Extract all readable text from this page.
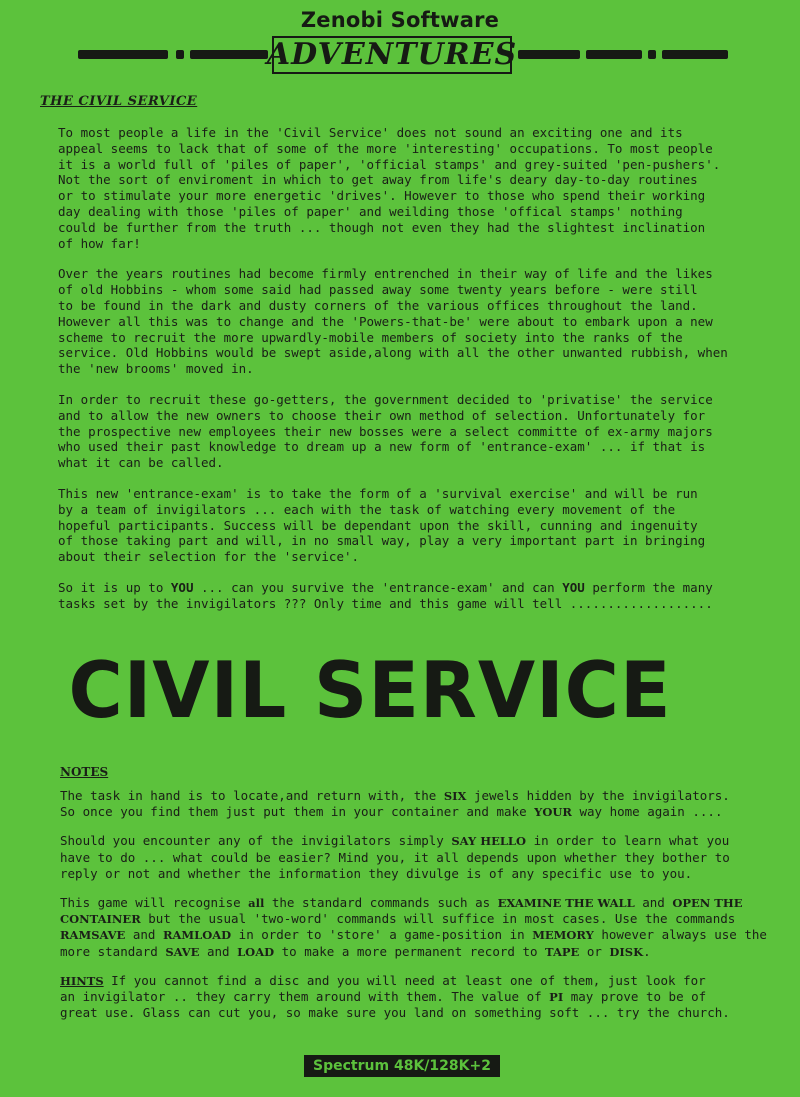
Zenobi Software
ADVENTURES
THE CIVIL SERVICE

To most people a life in the 'Civil Service' does not sound an exciting one and its
appeal seems to lack that of some of the more 'interesting' occupations. To most people
it is a world full of 'piles of paper', 'official stamps' and grey-suited 'pen-pushers'.
Not the sort of enviroment in which to get away from life's deary day-to-day routines
or to stimulate your more energetic 'drives'. However to those who spend their working
day dealing with those 'piles of paper' and weilding those 'offical stamps' nothing
could be further from the truth ... though not even they had the slightest inclination
of how far!

Over the years routines had become firmly entrenched in their way of life and the likes
of old Hobbins - whom some said had passed away some twenty years before - were still
to be found in the dark and dusty corners of the various offices throughout the land.
However all this was to change and the 'Powers-that-be' were about to embark upon a new
scheme to recruit the more upwardly-mobile members of society into the ranks of the
service. Old Hobbins would be swept aside,along with all the other unwanted rubbish, when
the 'new brooms' moved in.

In order to recruit these go-getters, the government decided to 'privatise' the service
and to allow the new owners to choose their own method of selection. Unfortunately for
the prospective new employees their new bosses were a select committe of ex-army majors
who used their past knowledge to dream up a new form of 'entrance-exam' ... if that is
what it can be called.

This new 'entrance-exam' is to take the form of a 'survival exercise' and will be run
by a team of invigilators ... each with the task of watching every movement of the
hopeful participants. Success will be dependant upon the skill, cunning and ingenuity
of those taking part and will, in no small way, play a very important part in bringing
about their selection for the 'service'.

So it is up to YOU ... can you survive the 'entrance-exam' and can YOU perform the many
tasks set by the invigilators ??? Only time and this game will tell ...................

CIVIL SERVICE
NOTES

The task in hand is to locate,and return with, the SIX jewels hidden by the invigilators.
So once you find them just put them in your container and make YOUR way home again ....

Should you encounter any of the invigilators simply SAY HELLO in order to learn what you
have to do ... what could be easier? Mind you, it all depends upon whether they bother to
reply or not and whether the information they divulge is of any specific use to you.

This game will recognise all the standard commands such as EXAMINE THE WALL and OPEN THE
CONTAINER but the usual 'two-word' commands will suffice in most cases. Use the commands
RAMSAVE and RAMLOAD in order to 'store' a game-position in MEMORY however always use the
more standard SAVE and LOAD to make a more permanent record to TAPE or DISK.

HINTS If you cannot find a disc and you will need at least one of them, just look for
an invigilator .. they carry them around with them. The value of PI may prove to be of
great use. Glass can cut you, so make sure you land on something soft ... try the church.

Spectrum 48K/128K+2
